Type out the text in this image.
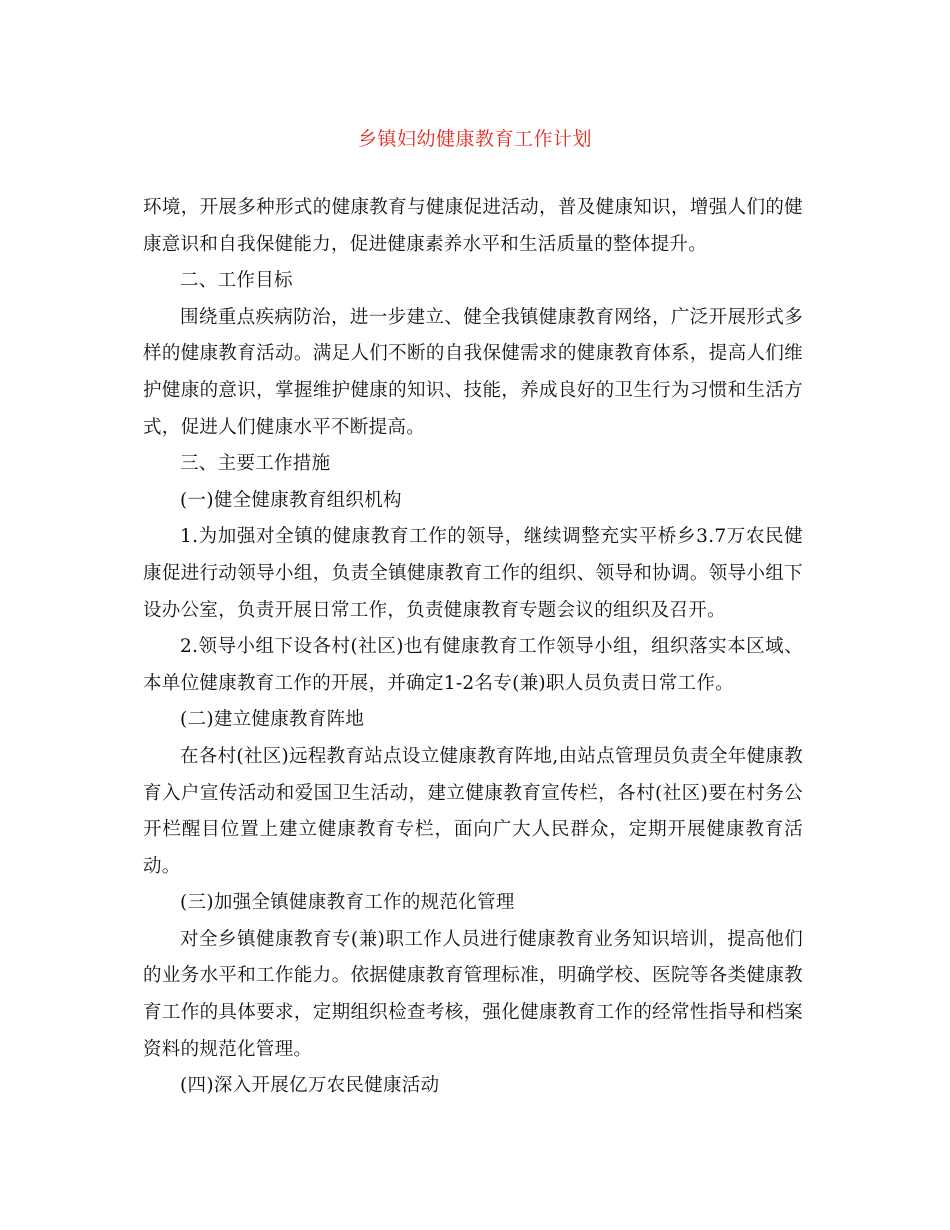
乡镇妇幼健康教育工作计划

环境，开展多种形式的健康教育与健康促进活动，普及健康知识，增强人们的健康意识和自我保健能力，促进健康素养水平和生活质量的整体提升。

二、工作目标

围绕重点疾病防治，进一步建立、健全我镇健康教育网络，广泛开展形式多样的健康教育活动。满足人们不断的自我保健需求的健康教育体系，提高人们维护健康的意识，掌握维护健康的知识、技能，养成良好的卫生行为习惯和生活方式，促进人们健康水平不断提高。

三、主要工作措施

(一)健全健康教育组织机构

1.为加强对全镇的健康教育工作的领导，继续调整充实平桥乡3.7万农民健康促进行动领导小组，负责全镇健康教育工作的组织、领导和协调。领导小组下设办公室，负责开展日常工作，负责健康教育专题会议的组织及召开。

2.领导小组下设各村(社区)也有健康教育工作领导小组，组织落实本区域、本单位健康教育工作的开展，并确定1-2名专(兼)职人员负责日常工作。

(二)建立健康教育阵地

在各村(社区)远程教育站点设立健康教育阵地,由站点管理员负责全年健康教育入户宣传活动和爱国卫生活动，建立健康教育宣传栏，各村(社区)要在村务公开栏醒目位置上建立健康教育专栏，面向广大人民群众，定期开展健康教育活动。

(三)加强全镇健康教育工作的规范化管理

对全乡镇健康教育专(兼)职工作人员进行健康教育业务知识培训，提高他们的业务水平和工作能力。依据健康教育管理标准，明确学校、医院等各类健康教育工作的具体要求，定期组织检查考核，强化健康教育工作的经常性指导和档案资料的规范化管理。

(四)深入开展亿万农民健康活动
